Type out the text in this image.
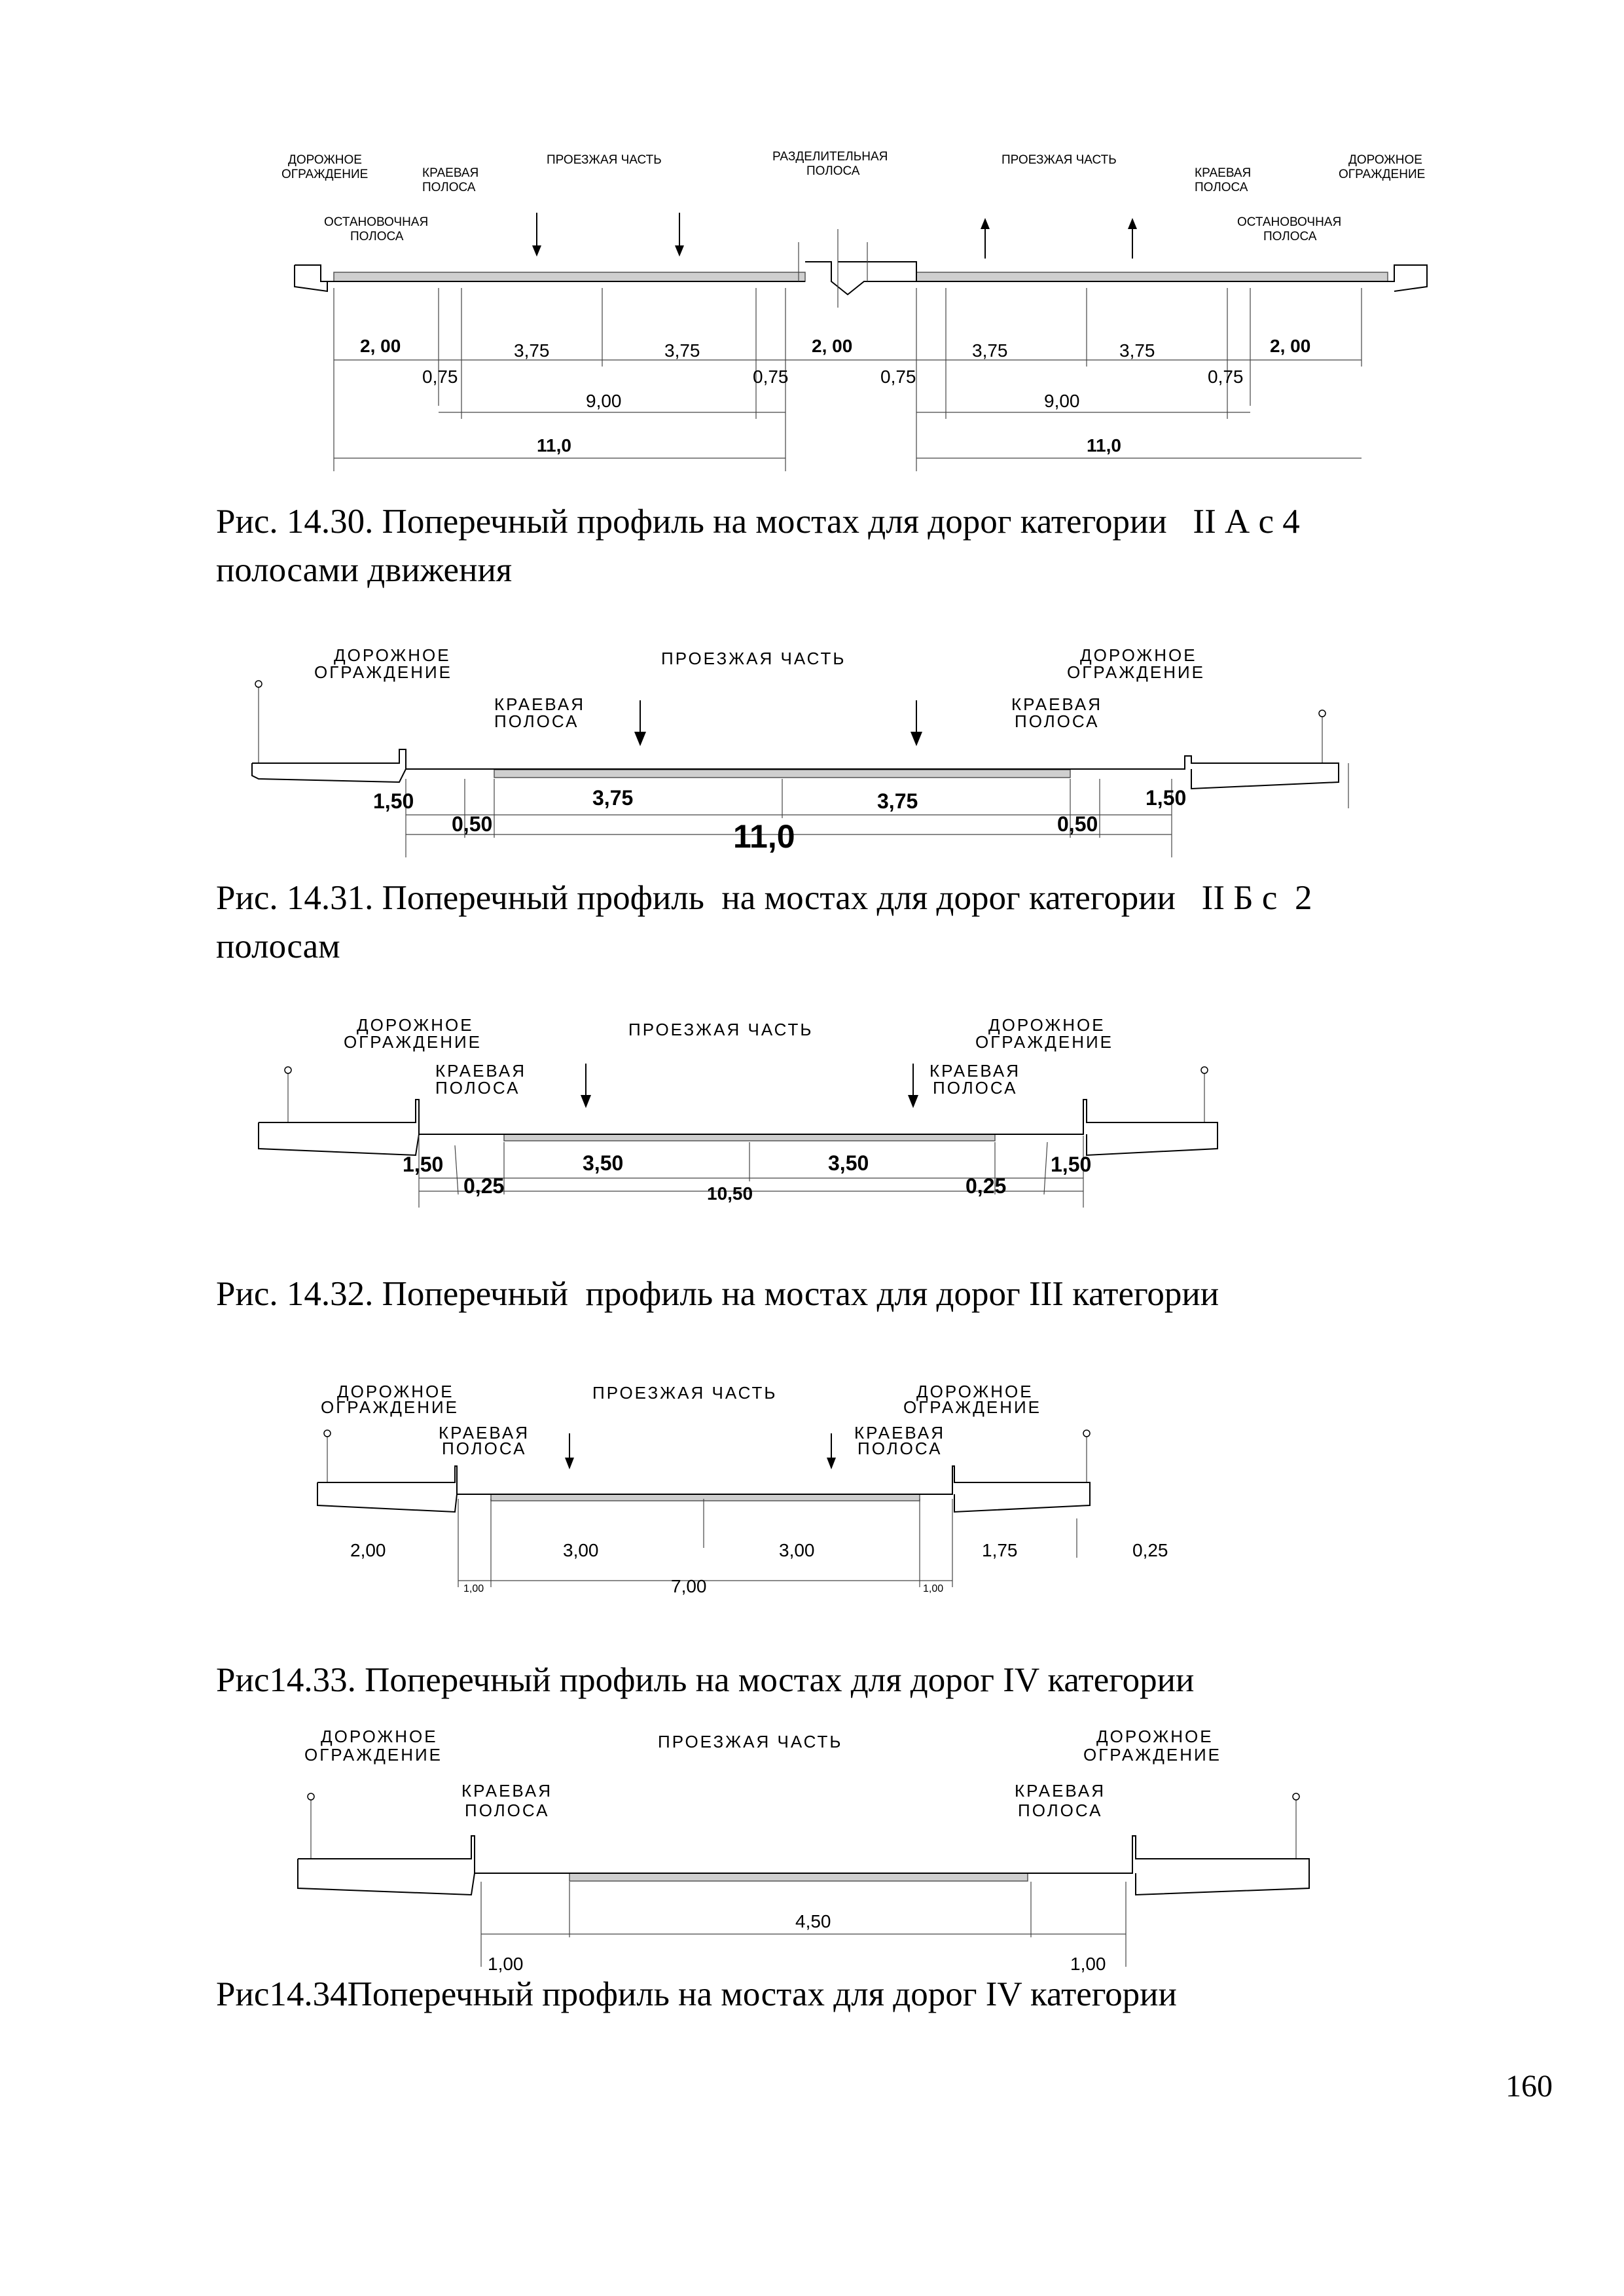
ДОРОЖНОЕ ОГРАЖДЕНИЕ	КРАЕВАЯ ПОЛОСА
ПРОЕЗЖАЯ ЧАСТЬ	РАЗДЕЛИТЕЛЬНАЯ ПОЛОСА
ПРОЕЗЖАЯ ЧАСТЬ
КРАЕВАЯ ПОЛОСА
ДОРОЖНОЕ ОГРАЖДЕНИЕ
ОСТАНОВОЧНАЯ ПОЛОСА
ОСТАНОВОЧНАЯ ПОЛОСА
2, 00	3,75	3,75	2, 00	3,75	3,75	2, 00
0,75	0,75	0,75	0,75
9,00	9,00
11,0	11,0
Рис. 14.30. Поперечный профиль на мостах для дорог категории   II А с 4
полосами движения
ДОРОЖНОЕ ОГРАЖДЕНИЕ
ПРОЕЗЖАЯ ЧАСТЬ	ДОРОЖНОЕ ОГРАЖДЕНИЕ
КРАЕВАЯ ПОЛОСА
КРАЕВАЯ ПОЛОСА
1,50	3,75	3,75	1,50
0,50	11,0	0,50
Рис. 14.31. Поперечный профиль  на мостах для дорог категории   II Б с  2
полосам
ДОРОЖНОЕ ОГРАЖДЕНИЕ
ПРОЕЗЖАЯ ЧАСТЬ	ДОРОЖНОЕ ОГРАЖДЕНИЕ
КРАЕВАЯ ПОЛОСА
КРАЕВАЯ ПОЛОСА
1,50	3,50	3,50	1,50
0,25	10,50	0,25
Рис. 14.32. Поперечный  профиль на мостах для дорог III категории
ДОРОЖНОЕ ОГРАЖДЕНИЕ
ПРОЕЗЖАЯ ЧАСТЬ	ДОРОЖНОЕ ОГРАЖДЕНИЕ
КРАЕВАЯ ПОЛОСА
КРАЕВАЯ ПОЛОСА
2,00	3,00	3,00	1,75	0,25
1,00	7,00	1,00
Рис14.33. Поперечный профиль на мостах для дорог IV категории
ДОРОЖНОЕ ОГРАЖДЕНИЕ
ПРОЕЗЖАЯ ЧАСТЬ	ДОРОЖНОЕ ОГРАЖДЕНИЕ
КРАЕВАЯ ПОЛОСА
КРАЕВАЯ ПОЛОСА
4,50
1,00	1,00
Рис14.34Поперечный профиль на мостах для дорог IV категории
160
